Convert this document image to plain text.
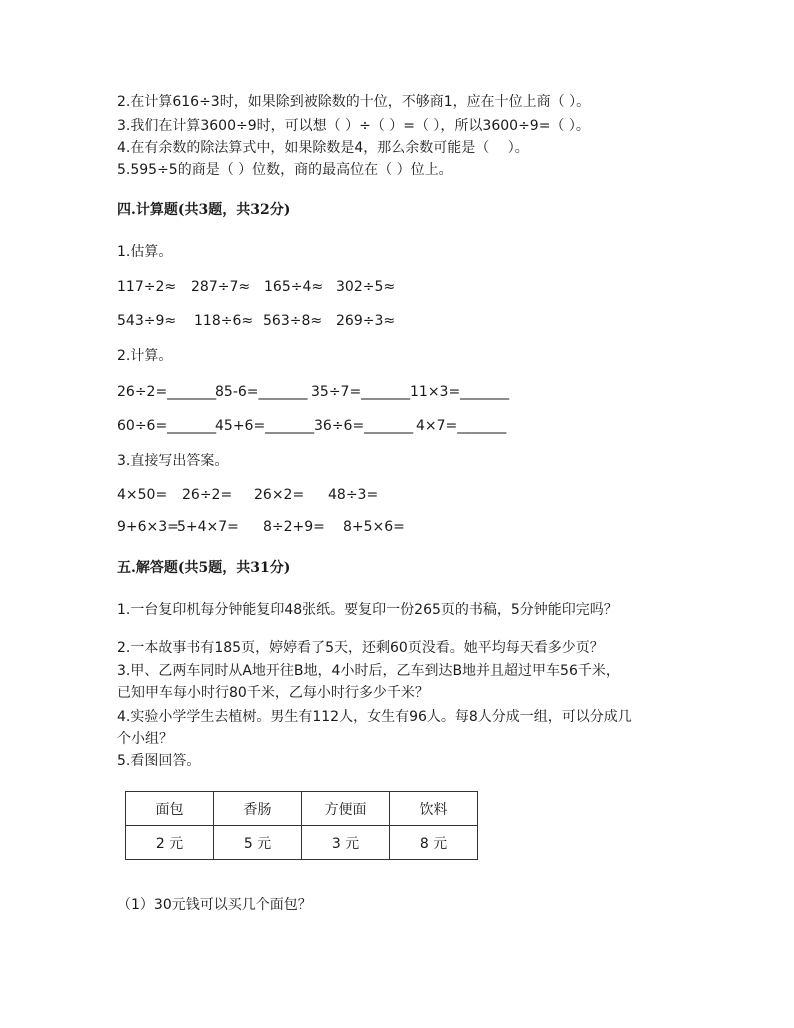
2.在计算616÷3时，如果除到被除数的十位，不够商1，应在十位上商（ ）。
3.我们在计算3600÷9时，可以想（ ）÷（ ）=（ ），所以3600÷9=（ ）。
4.在有余数的除法算式中，如果除数是4，那么余数可能是（　 ）。
5.595÷5的商是（ ）位数，商的最高位在（ ）位上。
四.计算题(共3题，共32分)
1.估算。
117÷2≈ 287÷7≈ 165÷4≈ 302÷5≈
543÷9≈ 118÷6≈ 563÷8≈ 269÷3≈
2.计算。
26÷2=_______
85-6=_______ 35÷7=_______ 11×3=_______
60÷6=_______
45+6=_______ 36÷6=_______ 4×7=_______
3.直接写出答案。
4×50= 26÷2= 26×2= 48÷3=
9+6×3=
5+4×7= 8÷2+9= 8+5×6=
五.解答题(共5题，共31分)
1.一台复印机每分钟能复印48张纸。要复印一份265页的书稿，5分钟能印完吗？
2.一本故事书有185页，婷婷看了5天，还剩60页没看。她平均每天看多少页？
3.甲、乙两车同时从A地开往B地，4小时后，乙车到达B地并且超过甲车56千米，
已知甲车每小时行80千米，乙每小时行多少千米？
4.实验小学学生去植树。男生有112人，女生有96人。每8人分成一组，可以分成几
个小组？
5.看图回答。
面包	香肠	方便面	饮料
2 元	5 元	3 元	8 元
（1）30元钱可以买几个面包？
